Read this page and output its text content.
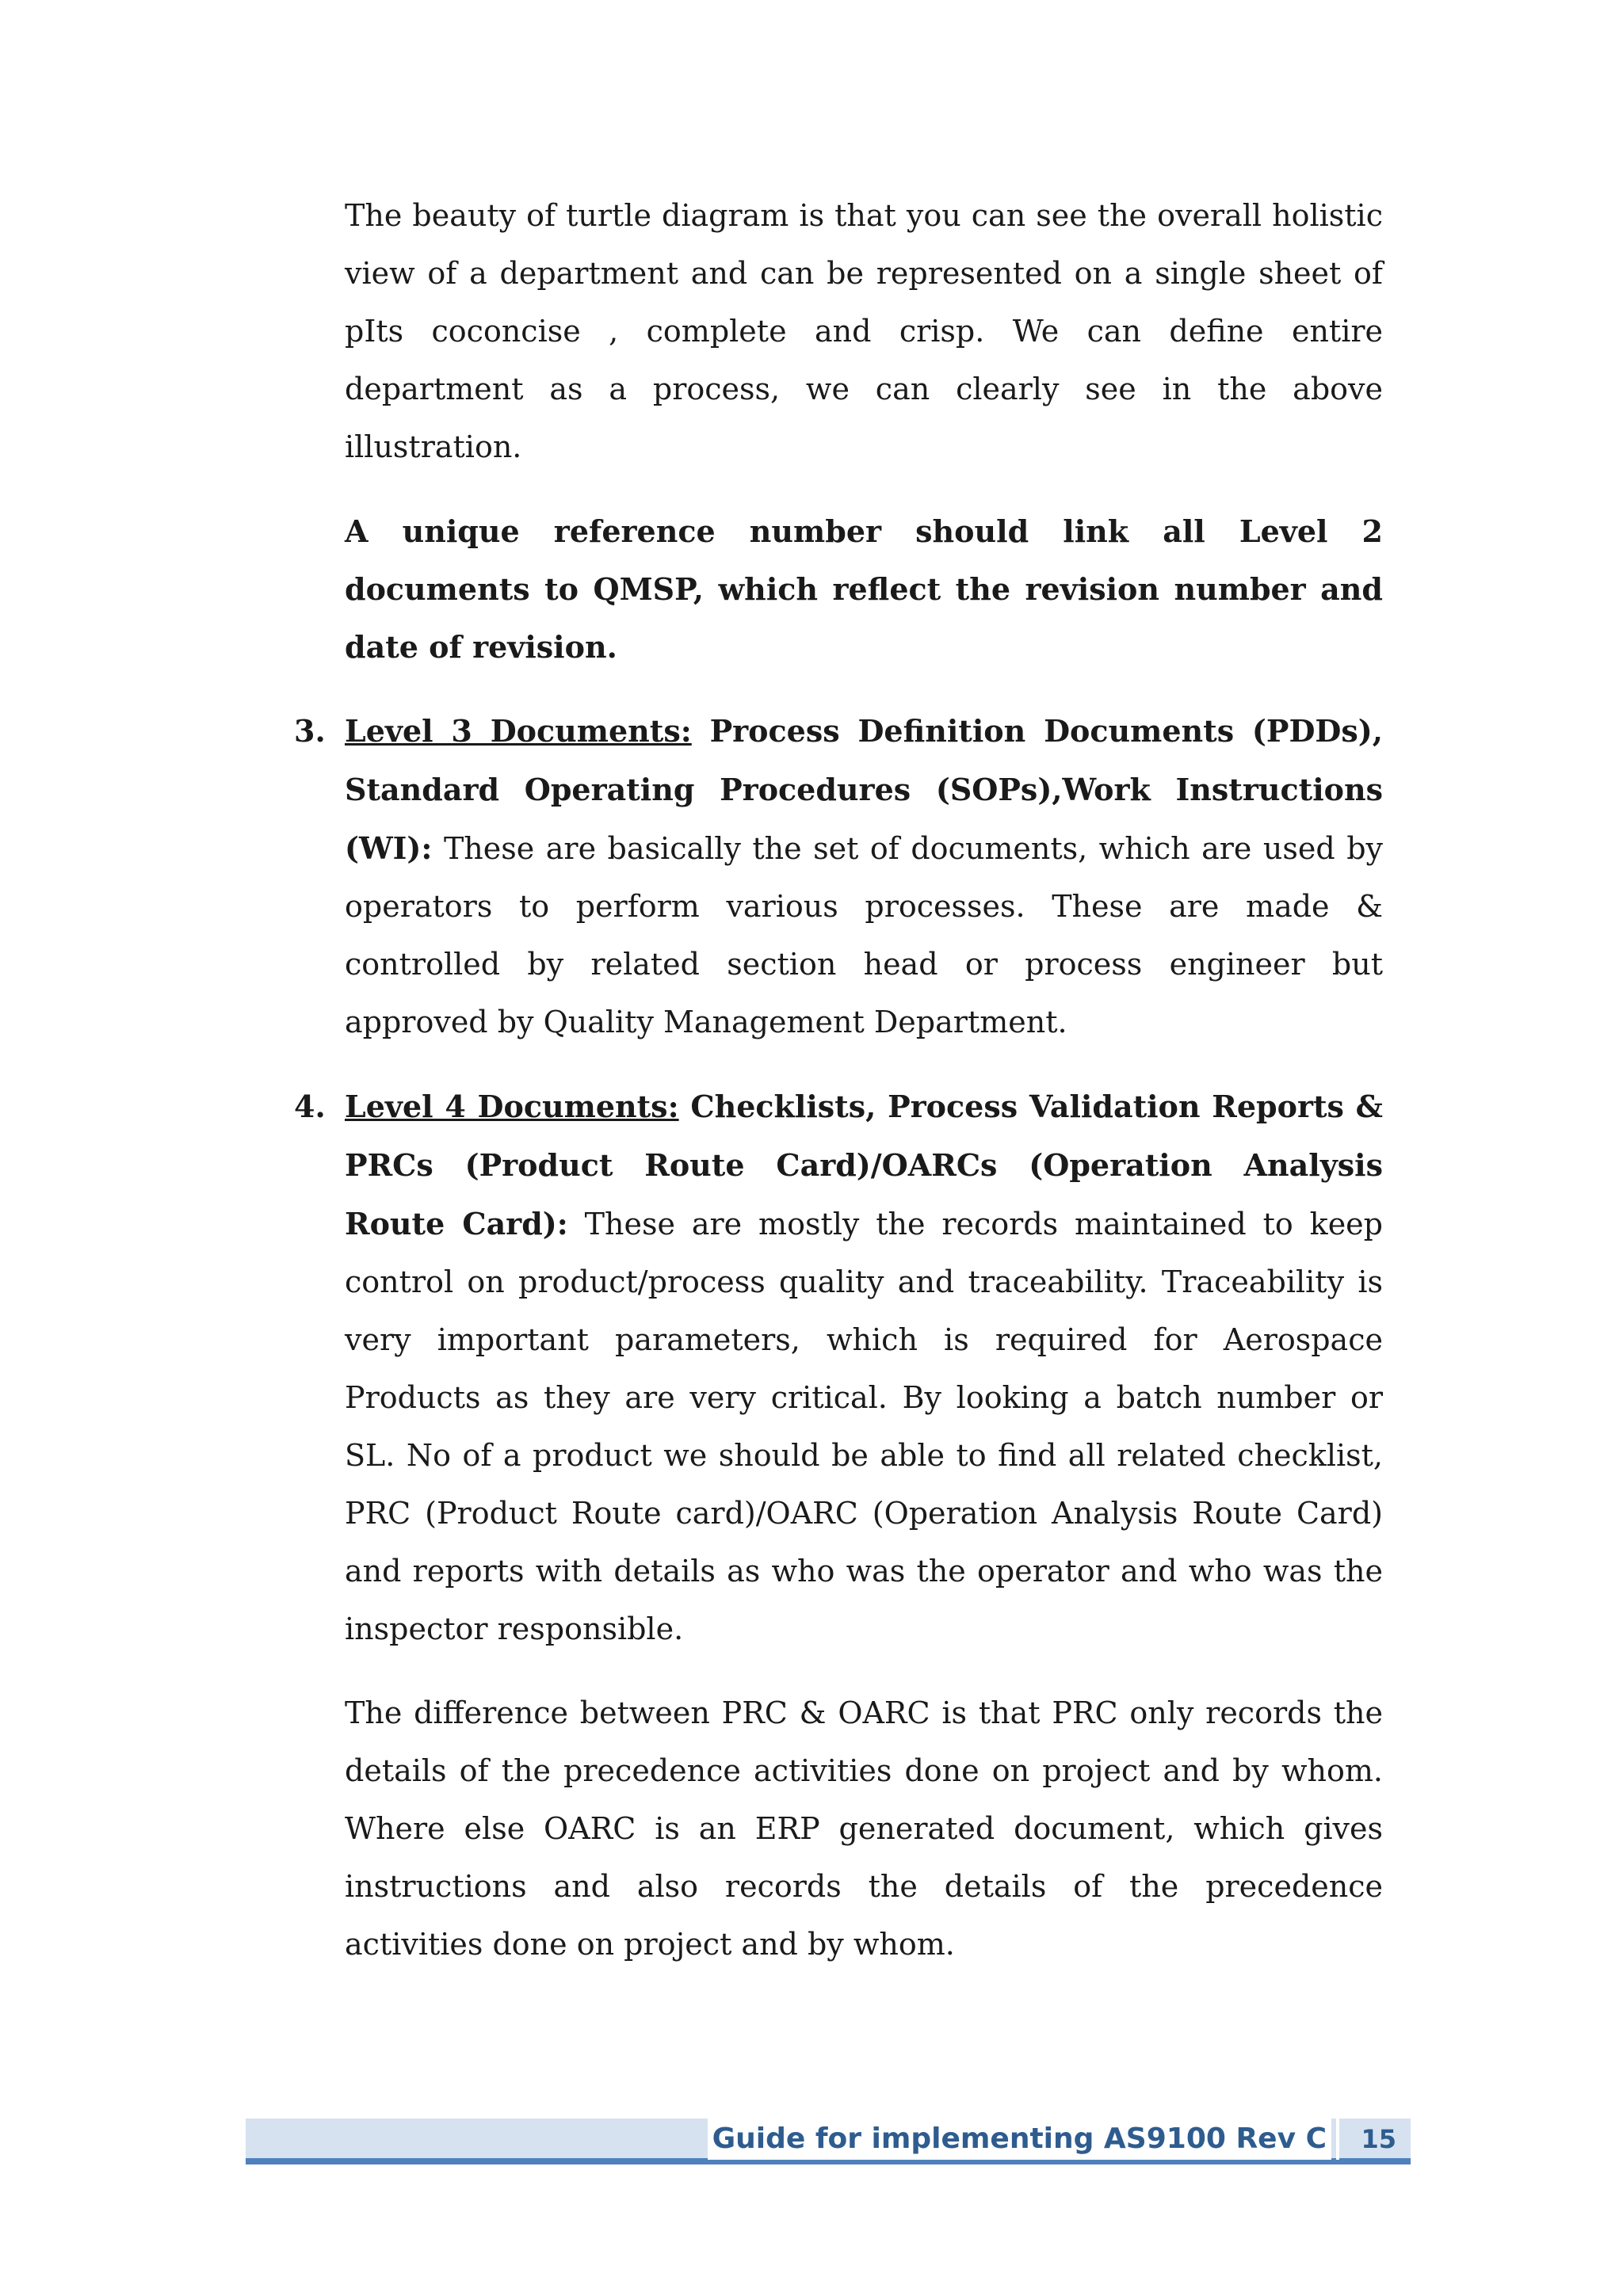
The beauty of turtle diagram is that you can see the overall holistic view of a department and can be represented on a single sheet of pIts coconcise , complete and crisp. We can define entire department as a process, we can clearly see in the above illustration.

A unique reference number should link all Level 2 documents to QMSP, which reflect the revision number and date of revision.

3. Level 3 Documents: Process Definition Documents (PDDs), Standard Operating Procedures (SOPs),Work Instructions (WI): These are basically the set of documents, which are used by operators to perform various processes. These are made & controlled by related section head or process engineer but approved by Quality Management Department.
4. Level 4 Documents: Checklists, Process Validation Reports & PRCs (Product Route Card)/OARCs (Operation Analysis Route Card): These are mostly the records maintained to keep control on product/process quality and traceability. Traceability is very important parameters, which is required for Aerospace Products as they are very critical. By looking a batch number or SL. No of a product we should be able to find all related checklist, PRC (Product Route card)/OARC (Operation Analysis Route Card) and reports with details as who was the operator and who was the inspector responsible.

The difference between PRC & OARC is that PRC only records the details of the precedence activities done on project and by whom. Where else OARC is an ERP generated document, which gives instructions and also records the details of the precedence activities done on project and by whom.

Guide for implementing AS9100 Rev C 15
